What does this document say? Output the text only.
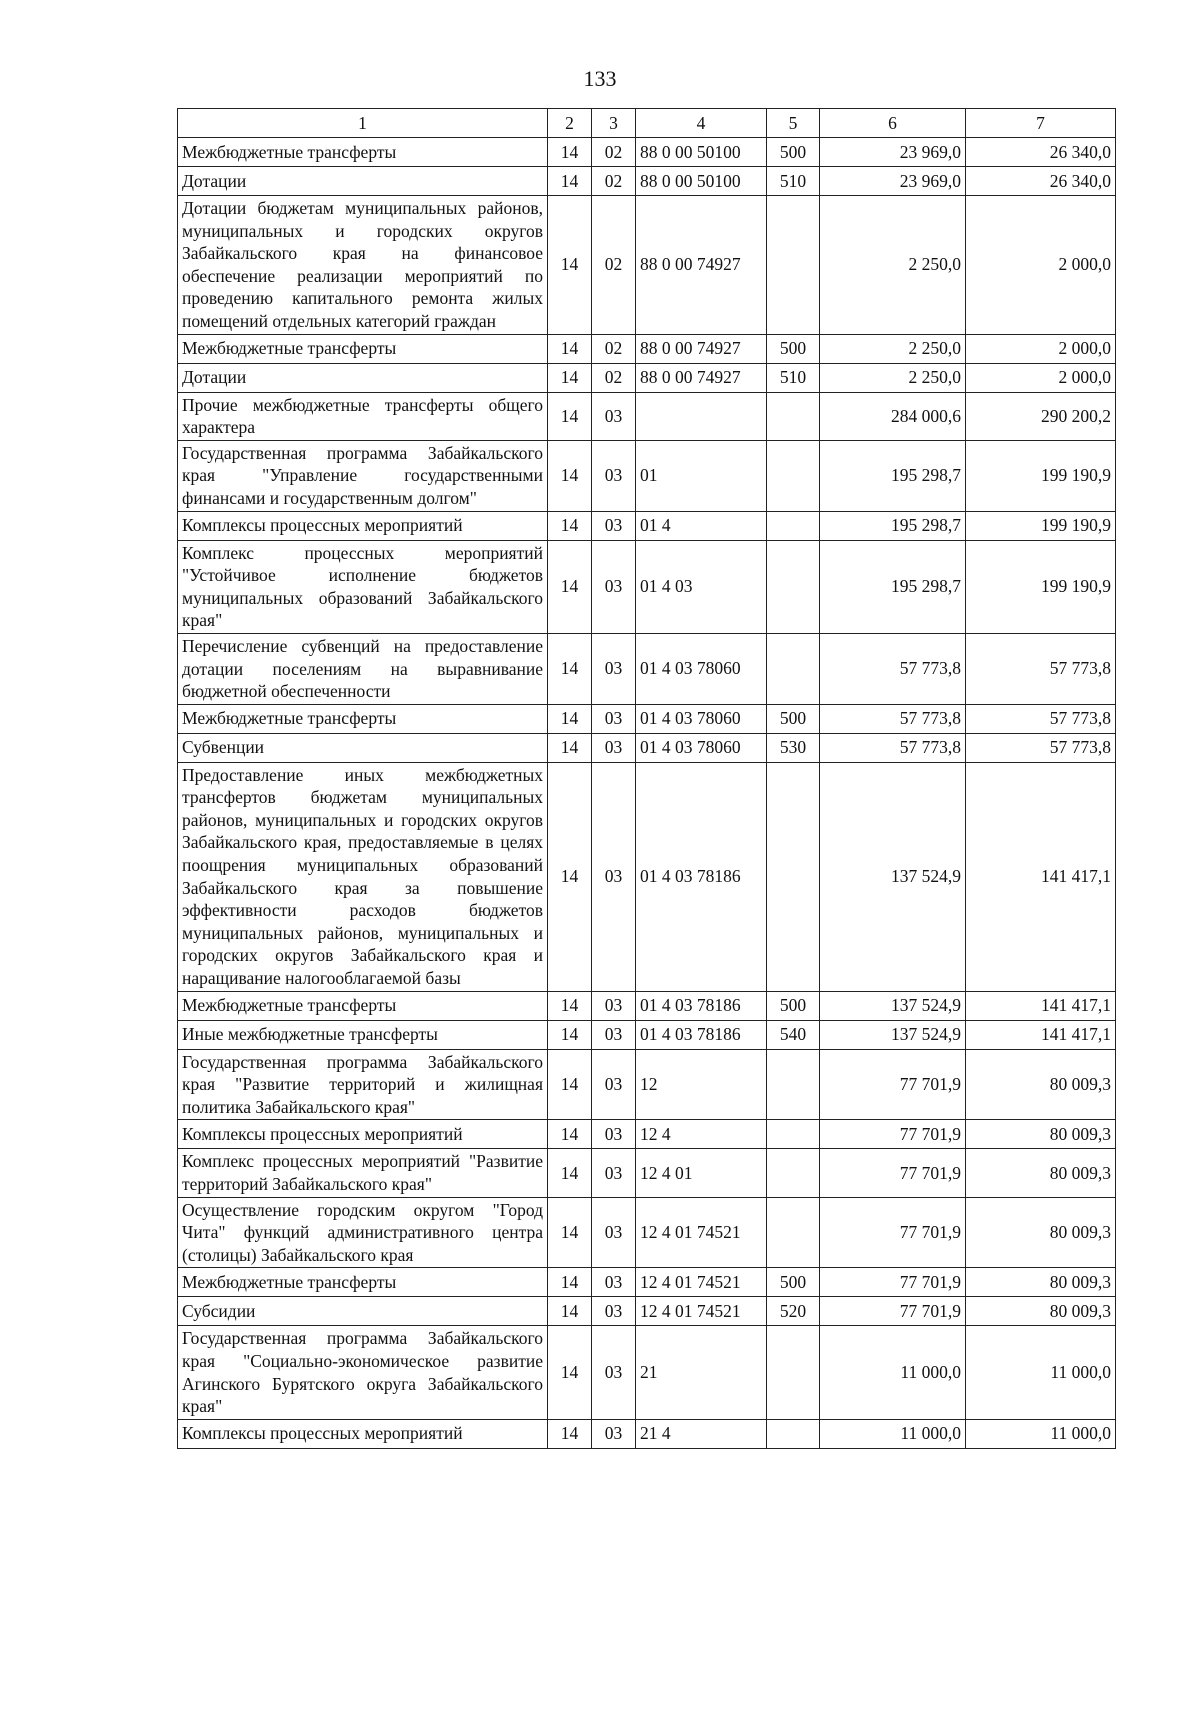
133
1	2	3	4	5	6	7
Межбюджетные трансферты	14	02	88 0 00 50100	500	23 969,0	26 340,0
Дотации	14	02	88 0 00 50100	510	23 969,0	26 340,0
Дотации бюджетам муниципальных районов, муниципальных и городских округов Забайкальского края на финансовое обеспечение реализации мероприятий по проведению капитального ремонта жилых помещений отдельных категорий граждан	14	02	88 0 00 74927		2 250,0	2 000,0
Межбюджетные трансферты	14	02	88 0 00 74927	500	2 250,0	2 000,0
Дотации	14	02	88 0 00 74927	510	2 250,0	2 000,0
Прочие межбюджетные трансферты общего характера	14	03			284 000,6	290 200,2
Государственная программа Забайкальского края "Управление государственными финансами и государственным долгом"	14	03	01		195 298,7	199 190,9
Комплексы процессных мероприятий	14	03	01 4		195 298,7	199 190,9
Комплекс процессных мероприятий "Устойчивое исполнение бюджетов муниципальных образований Забайкальского края"	14	03	01 4 03		195 298,7	199 190,9
Перечисление субвенций на предоставление дотации поселениям на выравнивание бюджетной обеспеченности	14	03	01 4 03 78060		57 773,8	57 773,8
Межбюджетные трансферты	14	03	01 4 03 78060	500	57 773,8	57 773,8
Субвенции	14	03	01 4 03 78060	530	57 773,8	57 773,8
Предоставление иных межбюджетных трансфертов бюджетам муниципальных районов, муниципальных и городских округов Забайкальского края, предоставляемые в целях поощрения муниципальных образований Забайкальского края за повышение эффективности расходов бюджетов муниципальных районов, муниципальных и городских округов Забайкальского края и наращивание налогооблагаемой базы	14	03	01 4 03 78186		137 524,9	141 417,1
Межбюджетные трансферты	14	03	01 4 03 78186	500	137 524,9	141 417,1
Иные межбюджетные трансферты	14	03	01 4 03 78186	540	137 524,9	141 417,1
Государственная программа Забайкальского края "Развитие территорий и жилищная политика Забайкальского края"	14	03	12		77 701,9	80 009,3
Комплексы процессных мероприятий	14	03	12 4		77 701,9	80 009,3
Комплекс процессных мероприятий "Развитие территорий Забайкальского края"	14	03	12 4 01		77 701,9	80 009,3
Осуществление городским округом "Город Чита" функций административного центра (столицы) Забайкальского края	14	03	12 4 01 74521		77 701,9	80 009,3
Межбюджетные трансферты	14	03	12 4 01 74521	500	77 701,9	80 009,3
Субсидии	14	03	12 4 01 74521	520	77 701,9	80 009,3
Государственная программа Забайкальского края "Социально-экономическое развитие Агинского Бурятского округа Забайкальского края"	14	03	21		11 000,0	11 000,0
Комплексы процессных мероприятий	14	03	21 4		11 000,0	11 000,0
